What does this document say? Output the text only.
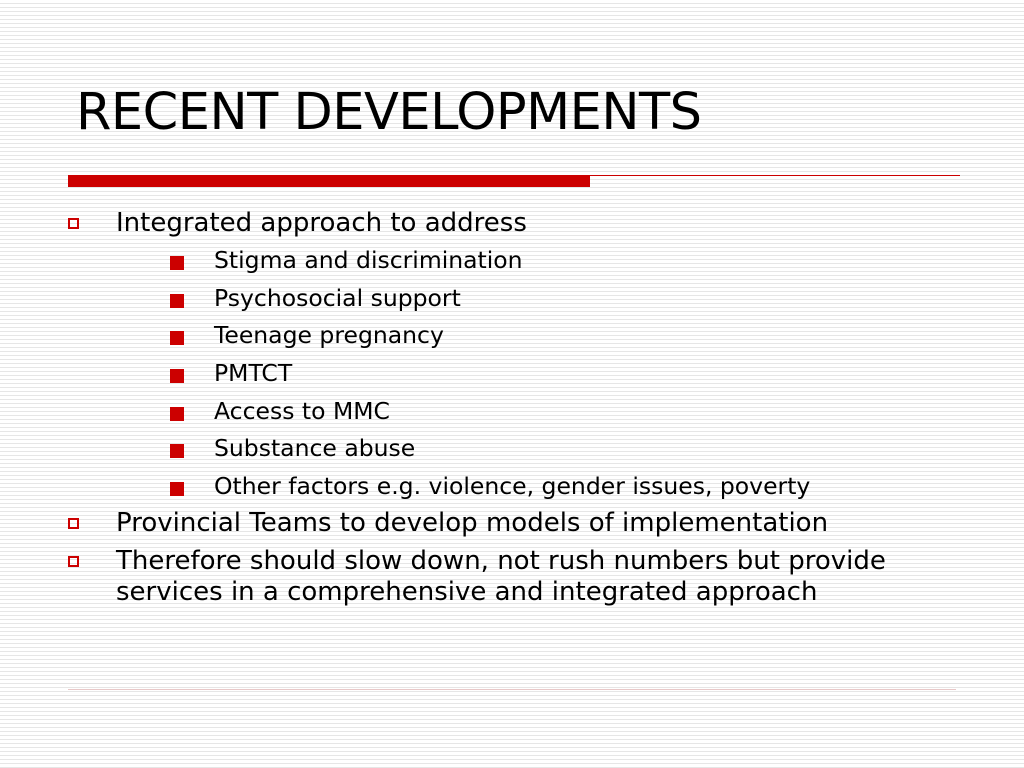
RECENT DEVELOPMENTS
Integrated approach to address
Stigma and discrimination
Psychosocial support
Teenage pregnancy
PMTCT
Access to MMC
Substance abuse
Other factors e.g. violence, gender issues, poverty
Provincial Teams to develop models of implementation
Therefore should slow down, not rush numbers but provide services in a comprehensive and integrated approach
